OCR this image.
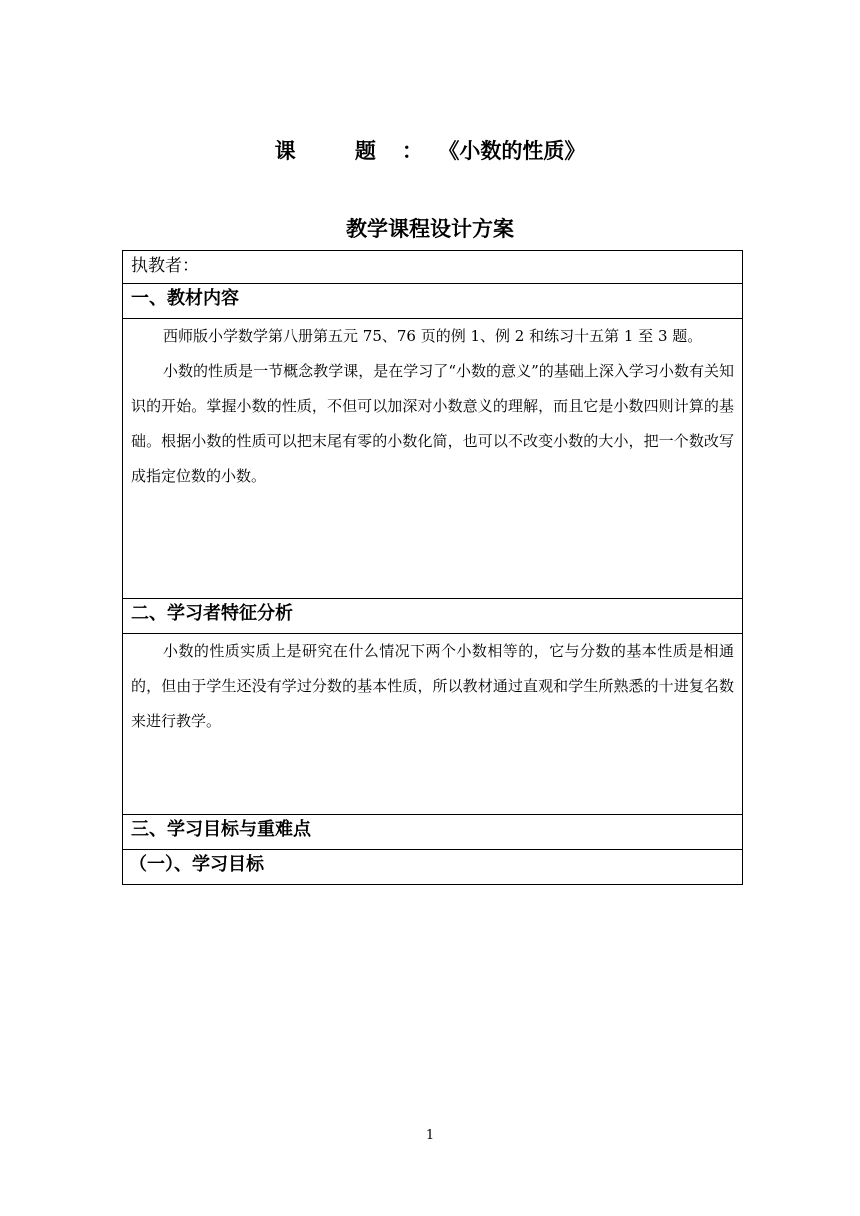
课 题：《小数的性质》
教学课程设计方案
执教者：
一、教材内容

西师版小学数学第八册第五元 75、76 页的例 1、例 2 和练习十五第 1 至 3 题。

小数的性质是一节概念教学课，是在学习了“小数的意义”的基础上深入学习小数有关知识的开始。掌握小数的性质，不但可以加深对小数意义的理解，而且它是小数四则计算的基础。根据小数的性质可以把末尾有零的小数化简，也可以不改变小数的大小，把一个数改写成指定位数的小数。

二、学习者特征分析

小数的性质实质上是研究在什么情况下两个小数相等的，它与分数的基本性质是相通的，但由于学生还没有学过分数的基本性质，所以教材通过直观和学生所熟悉的十进复名数来进行教学。

三、学习目标与重难点
（一）、学习目标
1
